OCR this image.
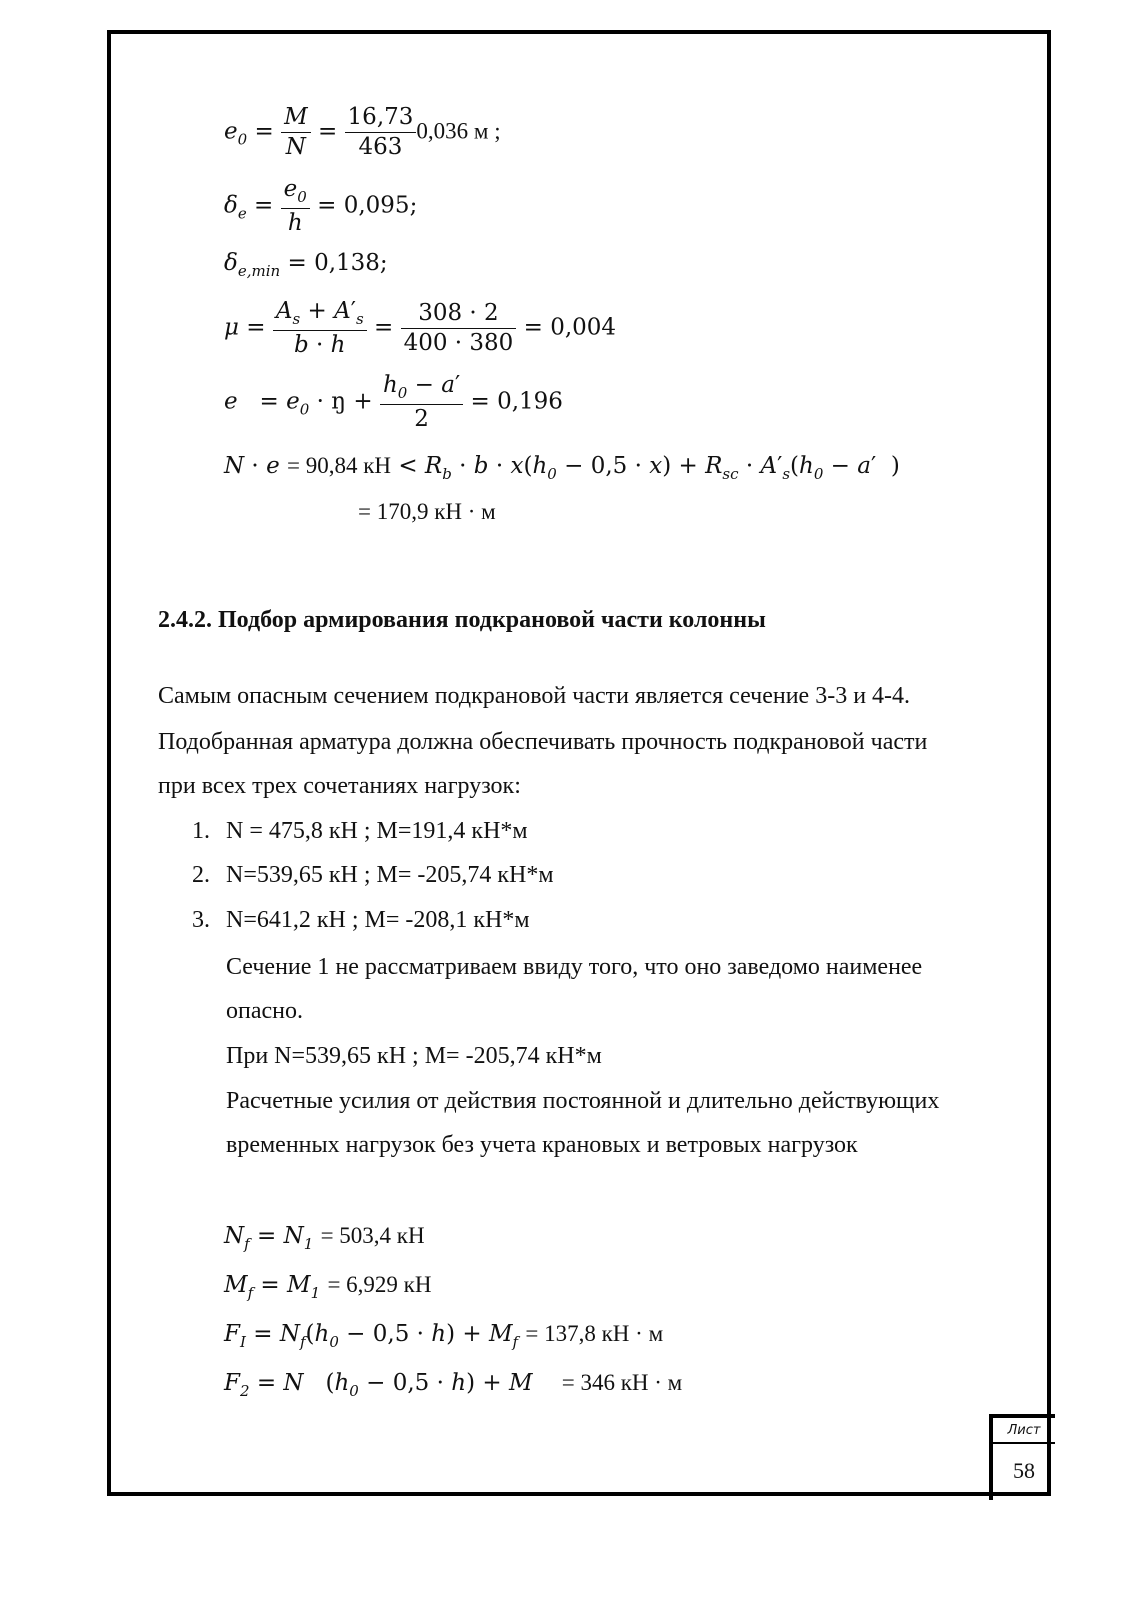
$e_0 = \frac{M}{N} = \frac{16,73}{463} 0,036$ м ;
$\delta_e = \frac{e_0}{h} = 0,095$;
$\delta_{e,min} = 0,138$;
$\mu = \frac{A_s + A'_s}{b \cdot h} = \frac{308 \cdot 2}{400 \cdot 380} = 0,004$
$e = e_0$ · ŋ + $\frac{h_0 - a'}{2} = 0,196$
N · e = 90,84 кН < $R_b \cdot b \cdot x(h_0 - 0,5 \cdot x) + R_{sc} \cdot A'_s(h_0 - a'$  )
= 170,9 кН · м
2.4.2. Подбор армирования подкрановой части колонны
Самым опасным сечением подкрановой части является сечение 3-3 и 4-4.
Подобранная арматура должна обеспечивать прочность подкрановой части
при всех трех сочетаниях нагрузок:
1. N = 475,8 кН ; M=191,4 кН*м
2. N=539,65 кН ; M= -205,74 кН*м
3. N=641,2 кН ; M= -208,1 кН*м
Сечение 1 не рассматриваем ввиду того, что оно заведомо наименее
опасно.
При N=539,65 кН ; M= -205,74 кН*м
Расчетные усилия от действия постоянной и длительно действующих
временных нагрузок без учета крановых и ветровых нагрузок
$N_f = N_1 = 503,4$ кН
$M_f = M_1 = 6,929$ кН
$F_I = N_f(h_0 - 0,5 \cdot h) + M_f = 137,8$ кН · м
$F_2 = N$   $(h_0 - 0,5 \cdot h) + M = 346$ кН · м
Лист
58
